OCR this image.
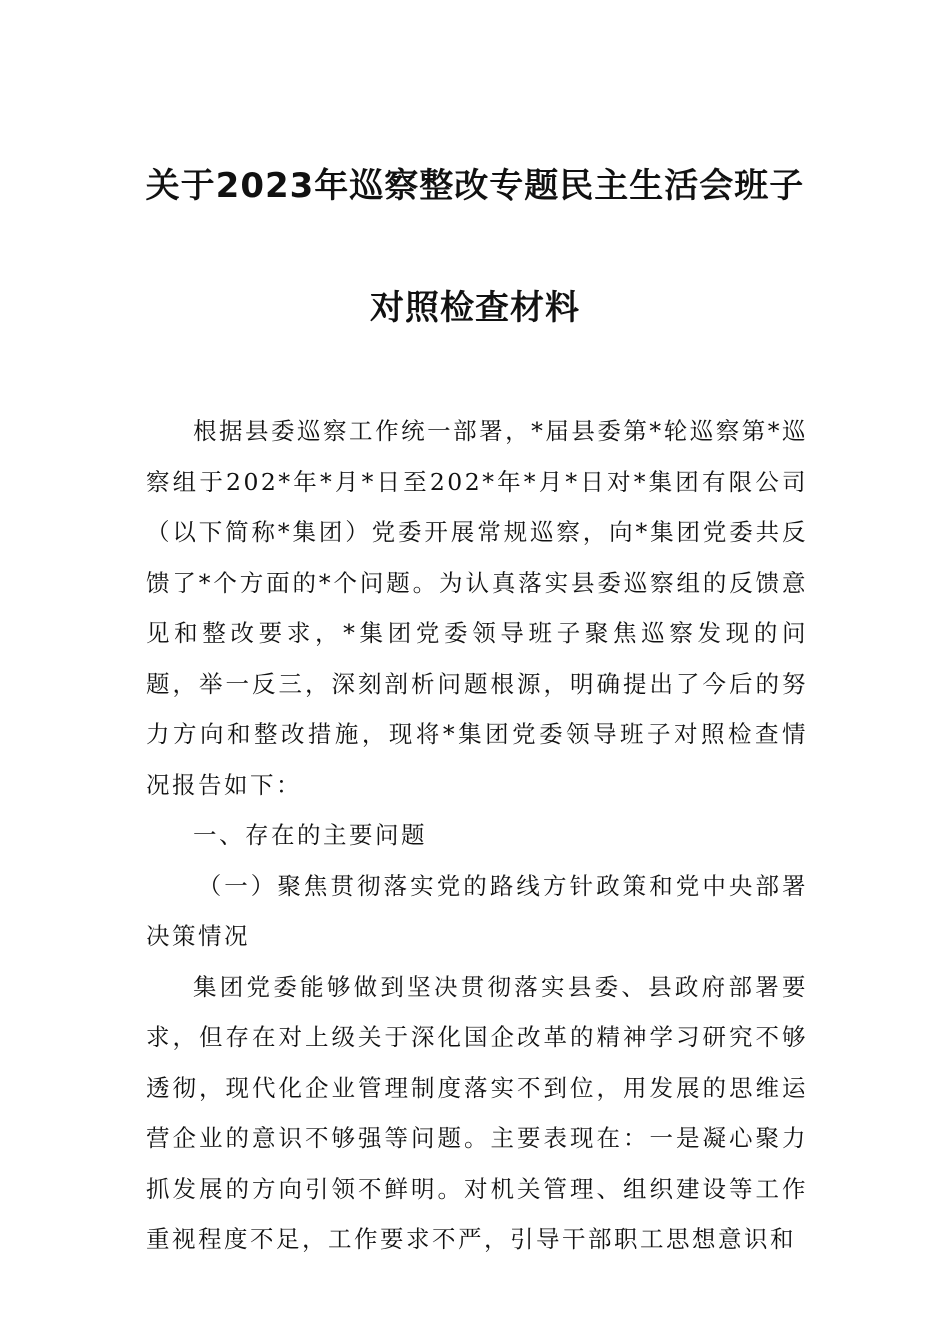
关于2023年巡察整改专题民主生活会班子
对照检查材料

根据县委巡察工作统一部署，*届县委第*轮巡察第*巡察组于202*年*月*日至202*年*月*日对*集团有限公司（以下简称*集团）党委开展常规巡察，向*集团党委共反馈了*个方面的*个问题。为认真落实县委巡察组的反馈意见和整改要求，*集团党委领导班子聚焦巡察发现的问题，举一反三，深刻剖析问题根源，明确提出了今后的努力方向和整改措施，现将*集团党委领导班子对照检查情况报告如下：

一、存在的主要问题

（一）聚焦贯彻落实党的路线方针政策和党中央部署决策情况

集团党委能够做到坚决贯彻落实县委、县政府部署要求，但存在对上级关于深化国企改革的精神学习研究不够透彻，现代化企业管理制度落实不到位，用发展的思维运营企业的意识不够强等问题。主要表现在：一是凝心聚力抓发展的方向引领不鲜明。对机关管理、组织建设等工作重视程度不足，工作要求不严，引导干部职工思想意识和
